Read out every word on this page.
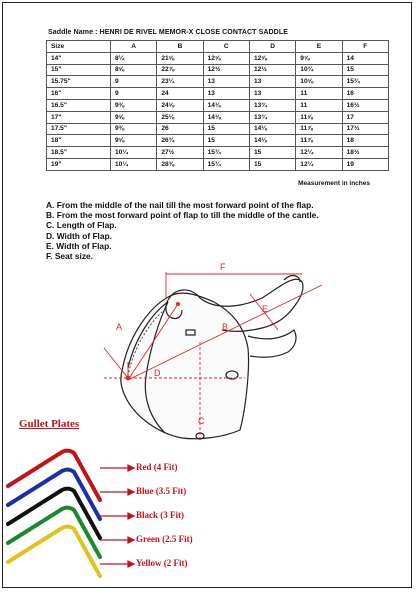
Saddle Name : HENRI DE RIVEL MEMOR-X CLOSE CONTACT SADDLE
Size	A	B	C	D	E	F
14"	8¼	21⅝	12⅝	12⅝	9⅝	14
15"	8⅝	22⅞	12½	12½	10¾	15
15.75"	9	23¼	13	13	10⅝	15¾
16"	9	24	13	13	11	16
16.5"	9⅜	24⅝	14⅛	13¾	11	16½
17"	9⅝	25⅛	14⅛	13¾	11⅝	17
17.5"	9⅜	26	15	14⅛	11⅞	17½
18"	9⅝	26¾	15	14⅛	11⅞	18
18.5"	10¼	27½	15¾	15	12¼	18½
19"	10¼	28⅜	15¾	15	12¼	19
Measurement in inches
A. From the middle of the nail till the most forward point of the flap.
B. From the most forward point of flap to till the middle of the cantle.
C. Length of Flap.
D. Width of Flap.
E. Width of Flap.
F. Seat size.
A	B
C
D
E
F
Gullet Plates
Red (4 Fit)
Blue (3.5 Fit)
Black (3 Fit)
Green (2.5 Fit)
Yellow (2 Fit)
